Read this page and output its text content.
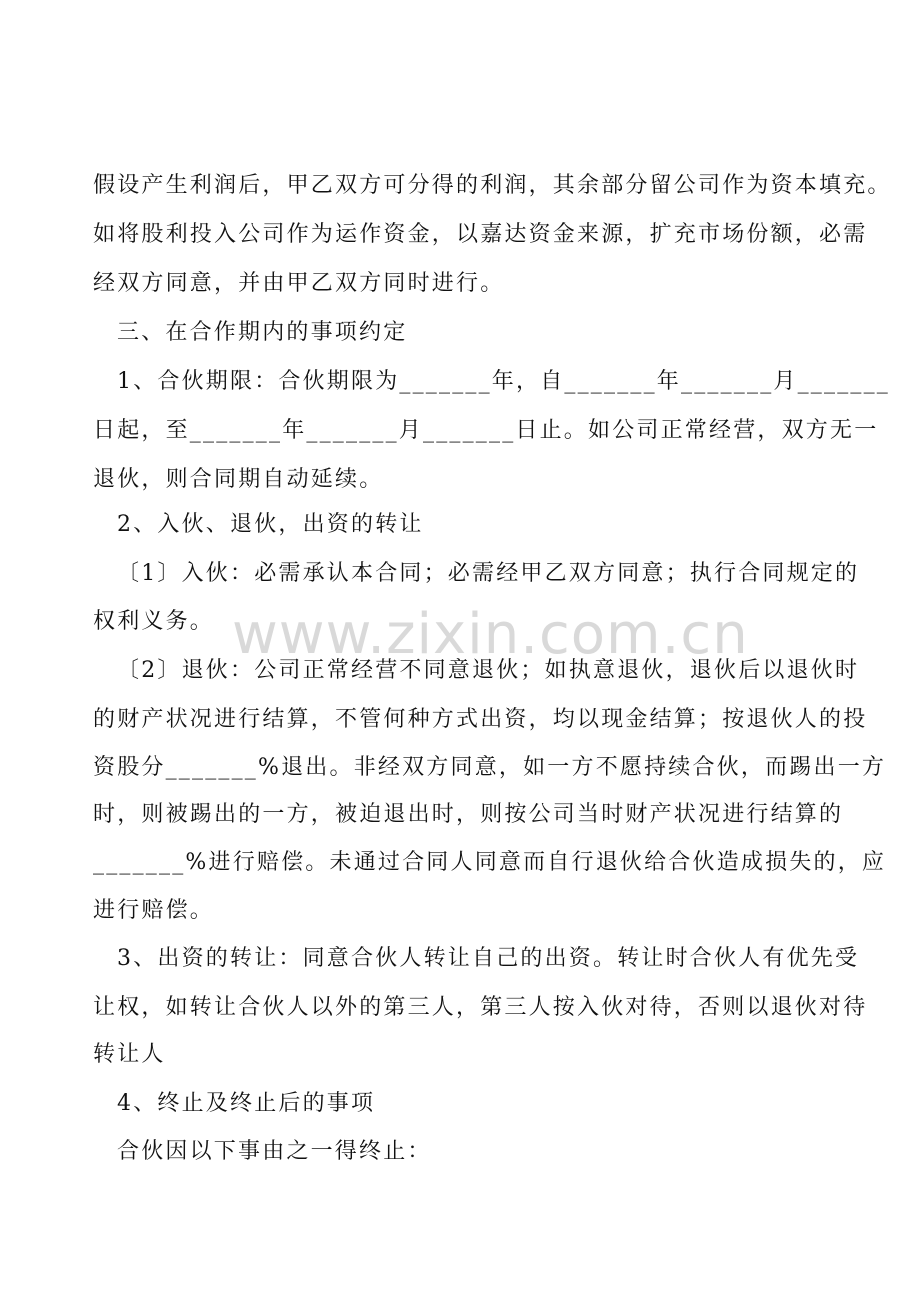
www.zixin.com.cn
假设产生利润后，甲乙双方可分得的利润，其余部分留公司作为资本填充。
如将股利投入公司作为运作资金，以嘉达资金来源，扩充市场份额，必需
经双方同意，并由甲乙双方同时进行。
三、在合作期内的事项约定
1、合伙期限：合伙期限为_______年，自_______年_______月_______
日起，至_______年_______月_______日止。如公司正常经营，双方无一
退伙，则合同期自动延续。
2、入伙、退伙，出资的转让
〔1〕入伙：必需承认本合同；必需经甲乙双方同意；执行合同规定的
权利义务。
〔2〕退伙：公司正常经营不同意退伙；如执意退伙，退伙后以退伙时
的财产状况进行结算，不管何种方式出资，均以现金结算；按退伙人的投
资股分_______%退出。非经双方同意，如一方不愿持续合伙，而踢出一方
时，则被踢出的一方，被迫退出时，则按公司当时财产状况进行结算的
_______%进行赔偿。未通过合同人同意而自行退伙给合伙造成损失的，应
进行赔偿。
3、出资的转让：同意合伙人转让自己的出资。转让时合伙人有优先受
让权，如转让合伙人以外的第三人，第三人按入伙对待，否则以退伙对待
转让人
4、终止及终止后的事项
合伙因以下事由之一得终止：
